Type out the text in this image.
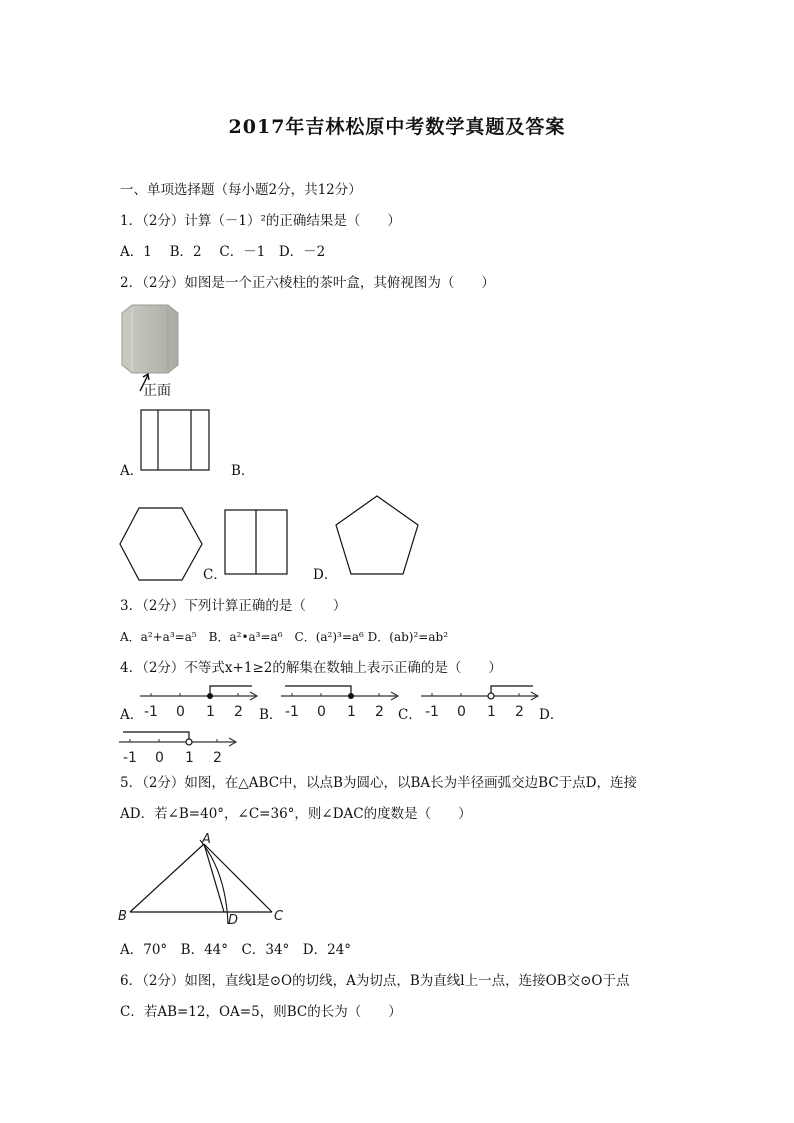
2017年吉林松原中考数学真题及答案
一、单项选择题（每小题2分，共12分）
1．（2分）计算（－1）²的正确结果是（　　）
A．1　 B．2　 C．－1　D．－2
2．（2分）如图是一个正六棱柱的茶叶盒，其俯视图为（　　）
正面
A．	B．
C．	D．
3．（2分）下列计算正确的是（　　）
A．a²+a³=a⁵　B．a²•a³=a⁶　C．(a²)³=a⁶ D．(ab)²=ab²
4．（2分）不等式x+1≥2的解集在数轴上表示正确的是（　　）
A．	B．	C．	D．
-1 0 1 2	-1 0 1 2	-1 0 1 2
-1 0 1 2
5．（2分）如图，在△ABC中，以点B为圆心，以BA长为半径画弧交边BC于点D，连接
AD．若∠B=40°，∠C=36°，则∠DAC的度数是（　　）
A
B	C
D
A．70°　B．44°　C．34°　D．24°
6．（2分）如图，直线l是⊙O的切线，A为切点，B为直线l上一点，连接OB交⊙O于点
C．若AB=12，OA=5，则BC的长为（　　）
